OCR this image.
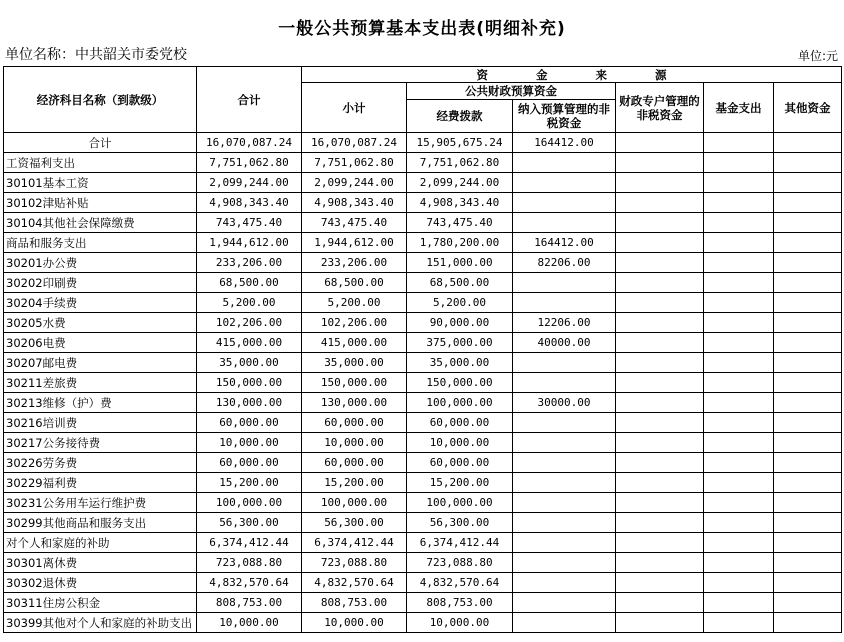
一般公共预算基本支出表(明细补充)
单位名称：中共韶关市委党校	单位:元
经济科目名称（到款级）	合计	资 金 来 源					
		小计	公共财政预算资金		财政专户管理的非税资金	基金支出	其他资金
			经费拨款	纳入预算管理的非税资金			
合计	16,070,087.24	16,070,087.24	15,905,675.24	164412.00			
工资福利支出	7,751,062.80	7,751,062.80	7,751,062.80				
30101基本工资	2,099,244.00	2,099,244.00	2,099,244.00				
30102津贴补贴	4,908,343.40	4,908,343.40	4,908,343.40				
30104其他社会保障缴费	743,475.40	743,475.40	743,475.40				
商品和服务支出	1,944,612.00	1,944,612.00	1,780,200.00	164412.00			
30201办公费	233,206.00	233,206.00	151,000.00	82206.00			
30202印刷费	68,500.00	68,500.00	68,500.00				
30204手续费	5,200.00	5,200.00	5,200.00				
30205水费	102,206.00	102,206.00	90,000.00	12206.00			
30206电费	415,000.00	415,000.00	375,000.00	40000.00			
30207邮电费	35,000.00	35,000.00	35,000.00				
30211差旅费	150,000.00	150,000.00	150,000.00				
30213维修（护）费	130,000.00	130,000.00	100,000.00	30000.00			
30216培训费	60,000.00	60,000.00	60,000.00				
30217公务接待费	10,000.00	10,000.00	10,000.00				
30226劳务费	60,000.00	60,000.00	60,000.00				
30229福利费	15,200.00	15,200.00	15,200.00				
30231公务用车运行维护费	100,000.00	100,000.00	100,000.00				
30299其他商品和服务支出	56,300.00	56,300.00	56,300.00				
对个人和家庭的补助	6,374,412.44	6,374,412.44	6,374,412.44				
30301离休费	723,088.80	723,088.80	723,088.80				
30302退休费	4,832,570.64	4,832,570.64	4,832,570.64				
30311住房公积金	808,753.00	808,753.00	808,753.00				
30399其他对个人和家庭的补助支出	10,000.00	10,000.00	10,000.00				
